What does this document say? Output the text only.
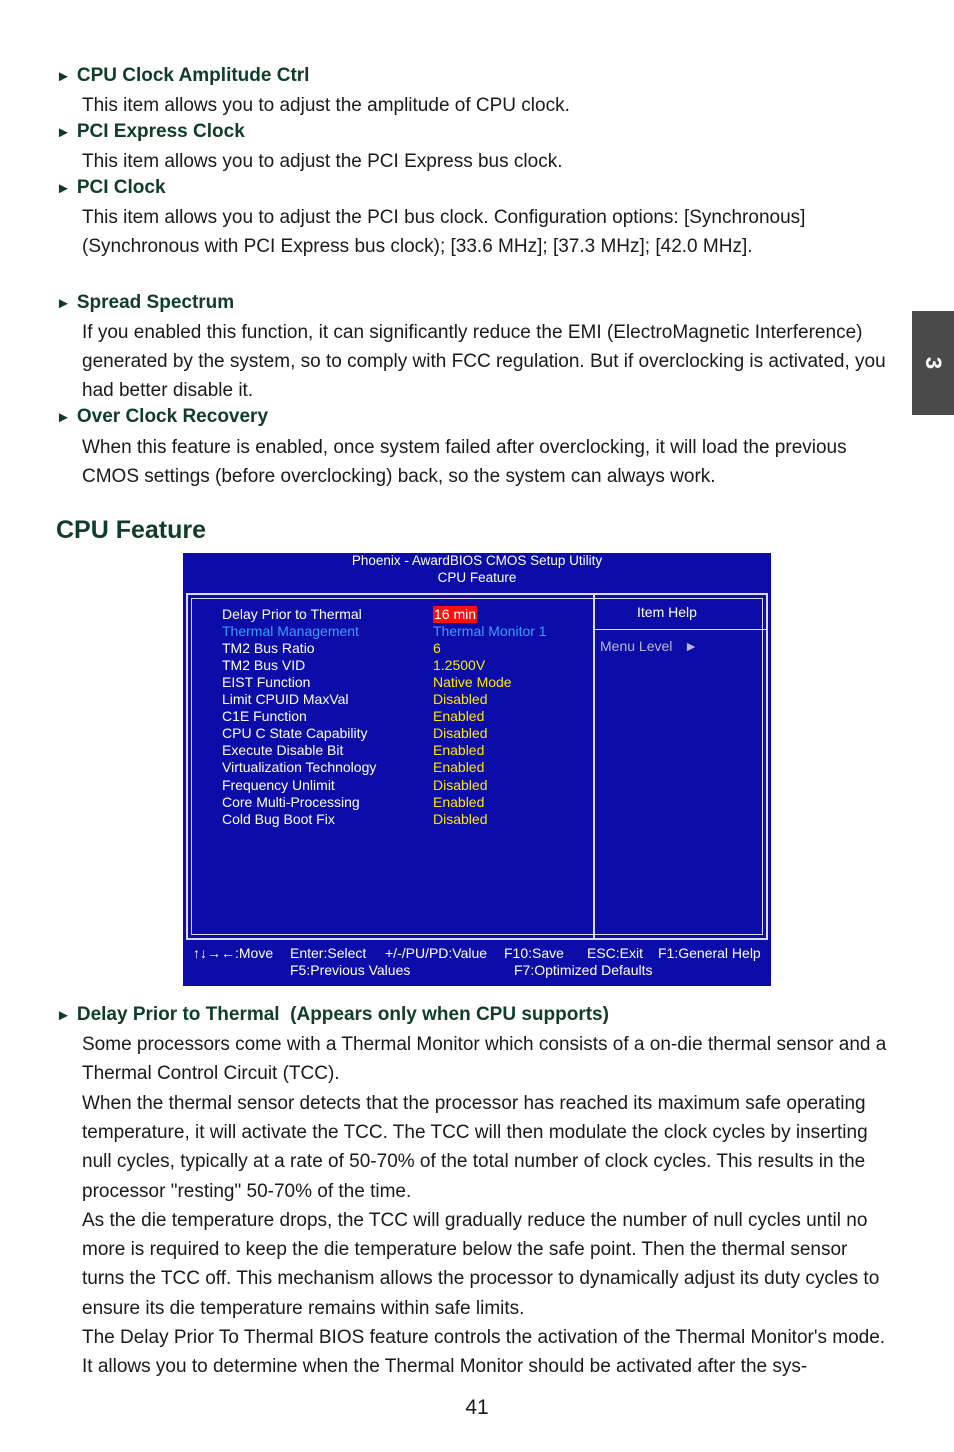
► CPU Clock Amplitude Ctrl
This item allows you to adjust the amplitude of CPU clock.
► PCI Express Clock
This item allows you to adjust the PCI Express bus clock.
► PCI Clock
This item allows you to adjust the PCI bus clock. Configuration options: [Synchronous] (Synchronous with PCI Express bus clock); [33.6 MHz]; [37.3 MHz]; [42.0 MHz].
► Spread Spectrum
If you enabled this function, it can significantly reduce the EMI (ElectroMagnetic Interference) generated by the system, so to comply with FCC regulation. But if overclocking is activated, you had better disable it.
► Over Clock Recovery
When this feature is enabled, once system failed after overclocking, it will load the previous CMOS settings (before overclocking) back, so the system can always work.
CPU Feature
3
Phoenix - AwardBIOS CMOS Setup Utility
CPU Feature
Delay Prior to Thermal	16 min
Thermal Management	Thermal Monitor 1
TM2 Bus Ratio	6
TM2 Bus VID	1.2500V
EIST Function	Native Mode
Limit CPUID MaxVal	Disabled
C1E Function	Enabled
CPU C State Capability	Disabled
Execute Disable Bit	Enabled
Virtualization Technology	Enabled
Frequency Unlimit	Disabled
Core Multi-Processing	Enabled
Cold Bug Boot Fix	Disabled
Item Help
Menu Level ►
↑↓→←:Move Enter:Select +/-/PU/PD:Value F10:Save ESC:Exit F1:General Help
F5:Previous Values	F7:Optimized Defaults
► Delay Prior to Thermal  (Appears only when CPU supports)
Some processors come with a Thermal Monitor which consists of a on-die thermal sensor and a Thermal Control Circuit (TCC).
When the thermal sensor detects that the processor has reached its maximum safe operating temperature, it will activate the TCC. The TCC will then modulate the clock cycles by inserting null cycles, typically at a rate of 50-70% of the total number of clock cycles. This results in the processor "resting" 50-70% of the time.
As the die temperature drops, the TCC will gradually reduce the number of null cycles until no more is required to keep the die temperature below the safe point. Then the thermal sensor turns the TCC off. This mechanism allows the processor to dynamically adjust its duty cycles to ensure its die temperature remains within safe limits.
The Delay Prior To Thermal BIOS feature controls the activation of the Thermal Monitor's mode. It allows you to determine when the Thermal Monitor should be activated after the sys-
41
